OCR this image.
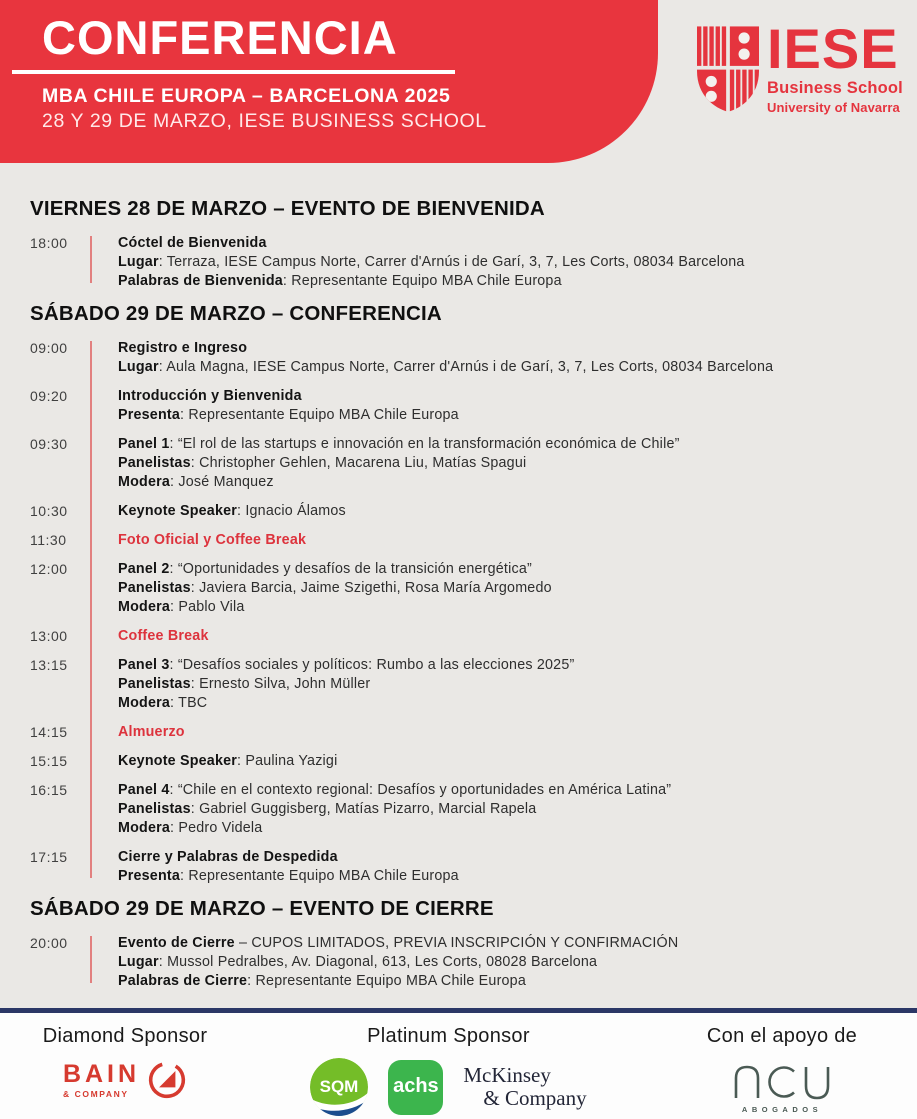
CONFERENCIA
MBA CHILE EUROPA – BARCELONA 2025
28 Y 29 DE MARZO, IESE BUSINESS SCHOOL
IESE
Business School
University of Navarra
VIERNES 28 DE MARZO – EVENTO DE BIENVENIDA
18:00	Cóctel de Bienvenida
Lugar: Terraza, IESE Campus Norte, Carrer d'Arnús i de Garí, 3, 7, Les Corts, 08034 Barcelona
Palabras de Bienvenida: Representante Equipo MBA Chile Europa
SÁBADO 29 DE MARZO – CONFERENCIA
09:00	Registro e Ingreso
Lugar: Aula Magna, IESE Campus Norte, Carrer d'Arnús i de Garí, 3, 7, Les Corts, 08034 Barcelona
09:20	Introducción y Bienvenida
Presenta: Representante Equipo MBA Chile Europa
09:30	Panel 1: “El rol de las startups e innovación en la transformación económica de Chile”
Panelistas: Christopher Gehlen, Macarena Liu, Matías Spagui
Modera: José Manquez
10:30	Keynote Speaker: Ignacio Álamos
11:30	Foto Oficial y Coffee Break
12:00	Panel 2: “Oportunidades y desafíos de la transición energética”
Panelistas: Javiera Barcia, Jaime Szigethi, Rosa María Argomedo
Modera: Pablo Vila
13:00	Coffee Break
13:15	Panel 3: “Desafíos sociales y políticos: Rumbo a las elecciones 2025”
Panelistas: Ernesto Silva, John Müller
Modera: TBC
14:15	Almuerzo
15:15	Keynote Speaker: Paulina Yazigi
16:15	Panel 4: “Chile en el contexto regional: Desafíos y oportunidades en América Latina”
Panelistas: Gabriel Guggisberg, Matías Pizarro, Marcial Rapela
Modera: Pedro Videla
17:15	Cierre y Palabras de Despedida
Presenta: Representante Equipo MBA Chile Europa
SÁBADO 29 DE MARZO – EVENTO DE CIERRE
20:00	Evento de Cierre – CUPOS LIMITADOS, PREVIA INSCRIPCIÓN Y CONFIRMACIÓN
Lugar: Mussol Pedralbes, Av. Diagonal, 613, Les Corts, 08028 Barcelona
Palabras de Cierre: Representante Equipo MBA Chile Europa
Diamond Sponsor
BAIN
& COMPANY
Platinum Sponsor
SQM achs McKinsey
& Company
Con el apoyo de
ABOGADOS
